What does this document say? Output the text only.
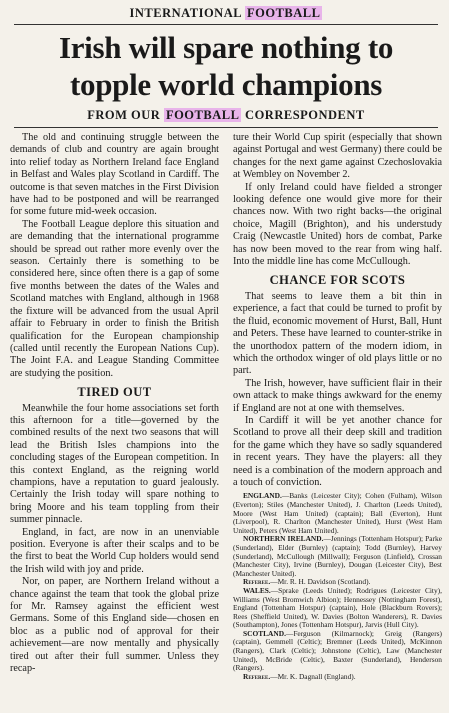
INTERNATIONAL FOOTBALL
Irish will spare nothing to
topple world champions
FROM OUR FOOTBALL CORRESPONDENT

The old and continuing struggle between the demands of club and country are again brought into relief today as Northern Ireland face England in Belfast and Wales play Scotland in Cardiff. The outcome is that seven matches in the First Division have had to be postponed and will be rearranged for some future mid-week occasion.

The Football League deplore this situation and are demanding that the international programme should be spread out rather more evenly over the season. Certainly there is something to be considered here, since often there is a gap of some five months between the dates of the Wales and Scotland matches with England, although in 1968 the fixture will be advanced from the usual April affair to February in order to finish the British qualification for the European championship (called until recently the European Nations Cup). The Joint F.A. and League Standing Committee are studying the position.

TIRED OUT

Meanwhile the four home associations set forth this afternoon for a title—governed by the combined results of the next two seasons that will lead the British Isles champions into the concluding stages of the European competition. In this context England, as the reigning world champions, have a reputation to guard jealously. Certainly the Irish today will spare nothing to bring Moore and his team toppling from their summer pinnacle.

England, in fact, are now in an unenviable position. Everyone is after their scalps and to be the first to beat the World Cup holders would send the Irish wild with joy and pride.

Nor, on paper, are Northern Ireland without a chance against the team that took the global prize for Mr. Ramsey against the efficient west Germans. Some of this England side—chosen en bloc as a public nod of approval for their achievement—are now mentally and physically tired out after their full summer. Unless they recap-

ture their World Cup spirit (especially that shown against Portugal and west Germany) there could be changes for the next game against Czechoslovakia at Wembley on November 2.

If only Ireland could have fielded a stronger looking defence one would give more for their chances now. With two right backs—the original choice, Magill (Brighton), and his understudy Craig (Newcastle United) hors de combat, Parke has now been moved to the rear from wing half. Into the middle line has come McCullough.

CHANCE FOR SCOTS

That seems to leave them a bit thin in experience, a fact that could be turned to profit by the fluid, economic movement of Hurst, Ball, Hunt and Peters. These have learned to counter-strike in the unorthodox pattern of the modern idiom, in which the orthodox winger of old plays little or no part.

The Irish, however, have sufficient flair in their own attack to make things awkward for the enemy if England are not at one with themselves.

In Cardiff it will be yet another chance for Scotland to prove all their deep skill and tradition for the game which they have so sadly squandered in recent years. They have the players: all they need is a combination of the modern approach and a touch of conviction.

ENGLAND.—Banks (Leicester City); Cohen (Fulham), Wilson (Everton); Stiles (Manchester United), J. Charlton (Leeds United), Moore (West Ham United) (captain); Ball (Everton), Hunt (Liverpool), R. Charlton (Manchester United), Hurst (West Ham United), Peters (West Ham United).

NORTHERN IRELAND.—Jennings (Tottenham Hotspur); Parke (Sunderland), Elder (Burnley) (captain); Todd (Burnley), Harvey (Sunderland), McCullough (Millwall); Ferguson (Linfield), Crossan (Manchester City), Irvine (Burnley), Dougan (Leicester City), Best (Manchester United).

Referee.—Mr. R. H. Davidson (Scotland).

WALES.—Sprake (Leeds United); Rodrigues (Leicester City), Williams (West Bromwich Albion); Hennessey (Nottingham Forest), England (Tottenham Hotspur) (captain), Hole (Blackburn Rovers); Rees (Sheffield United), W. Davies (Bolton Wanderers), R. Davies (Southampton), Jones (Tottenham Hotspur), Jarvis (Hull City).

SCOTLAND.—Ferguson (Kilmarnock); Greig (Rangers) (captain), Gemmell (Celtic); Bremner (Leeds United), McKinnon (Rangers), Clark (Celtic); Johnstone (Celtic), Law (Manchester United), McBride (Celtic), Baxter (Sunderland), Henderson (Rangers).

Referee.—Mr. K. Dagnall (England).
